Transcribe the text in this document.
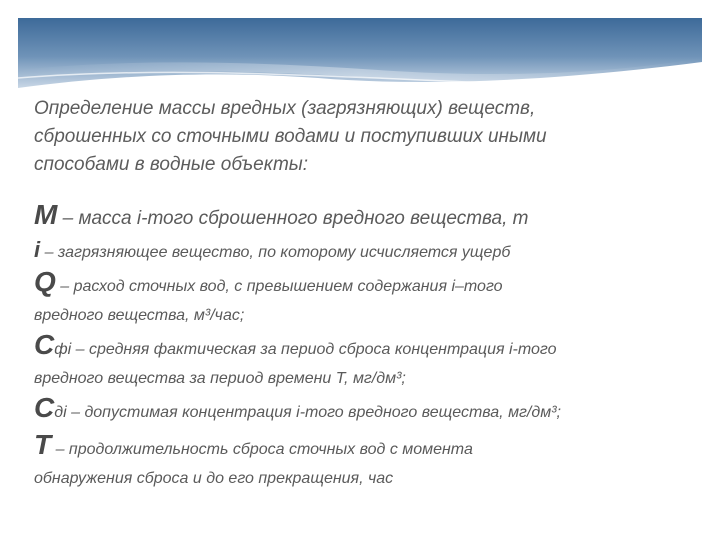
Определение массы вредных (загрязняющих) веществ,
сброшенных со сточными водами и поступивших иными
способами в водные объекты:

M – масса i-того сброшенного вредного вещества, т
i – загрязняющее вещество, по которому исчисляется ущерб
Q – расход сточных вод, с превышением содержания i–того
вредного вещества, м³/час;
Сфi – средняя фактическая за период сброса концентрация i-того
вредного вещества за период времени T, мг/дм³;
Сдi – допустимая концентрация i-того вредного вещества, мг/дм³;
T – продолжительность сброса сточных вод с момента
обнаружения сброса и до его прекращения, час
